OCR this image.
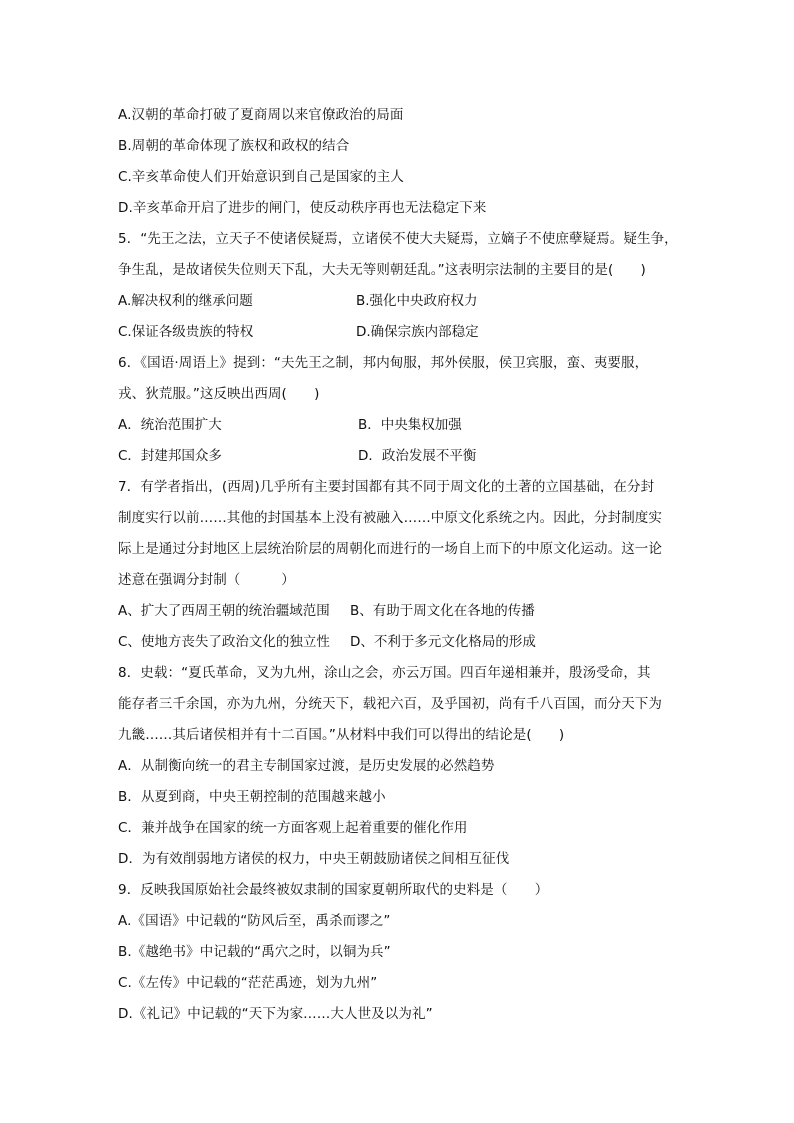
A.汉朝的革命打破了夏商周以来官僚政治的局面
B.周朝的革命体现了族权和政权的结合
C.辛亥革命使人们开始意识到自己是国家的主人
D.辛亥革命开启了进步的闸门，使反动秩序再也无法稳定下来
5．“先王之法，立天子不使诸侯疑焉，立诸侯不使大夫疑焉，立嫡子不使庶孽疑焉。疑生争，
争生乱，是故诸侯失位则天下乱，大夫无等则朝廷乱。”这表明宗法制的主要目的是(　　)
A.解决权利的继承问题	B.强化中央政府权力
C.保证各级贵族的特权	D.确保宗族内部稳定
6．《国语·周语上》提到：“夫先王之制，邦内甸服，邦外侯服，侯卫宾服，蛮、夷要服，
戎、狄荒服。”这反映出西周(　　)
A．统治范围扩大	B．中央集权加强
C．封建邦国众多	D．政治发展不平衡
7．有学者指出，(西周)几乎所有主要封国都有其不同于周文化的土著的立国基础，在分封
制度实行以前……其他的封国基本上没有被融入……中原文化系统之内。因此，分封制度实
际上是通过分封地区上层统治阶层的周朝化而进行的一场自上而下的中原文化运动。这一论
述意在强调分封制（　　　）
A、扩大了西周王朝的统治疆域范围	B、有助于周文化在各地的传播
C、使地方丧失了政治文化的独立性	D、不利于多元文化格局的形成
8．史载：“夏氏革命，叉为九州，涂山之会，亦云万国。四百年递相兼并，殷汤受命，其
能存者三千余国，亦为九州，分统天下，载祀六百，及乎国初，尚有千八百国，而分天下为
九畿……其后诸侯相并有十二百国。”从材料中我们可以得出的结论是(　　)
A．从制衡向统一的君主专制国家过渡，是历史发展的必然趋势
B．从夏到商，中央王朝控制的范围越来越小
C．兼并战争在国家的统一方面客观上起着重要的催化作用
D．为有效削弱地方诸侯的权力，中央王朝鼓励诸侯之间相互征伐
9．反映我国原始社会最终被奴隶制的国家夏朝所取代的史料是（　　）
A.《国语》中记载的“防风后至，禹杀而谬之”
B.《越绝书》中记载的“禹穴之时，以铜为兵”
C.《左传》中记载的“茫茫禹迹，划为九州”
D.《礼记》中记载的“天下为家……大人世及以为礼”
